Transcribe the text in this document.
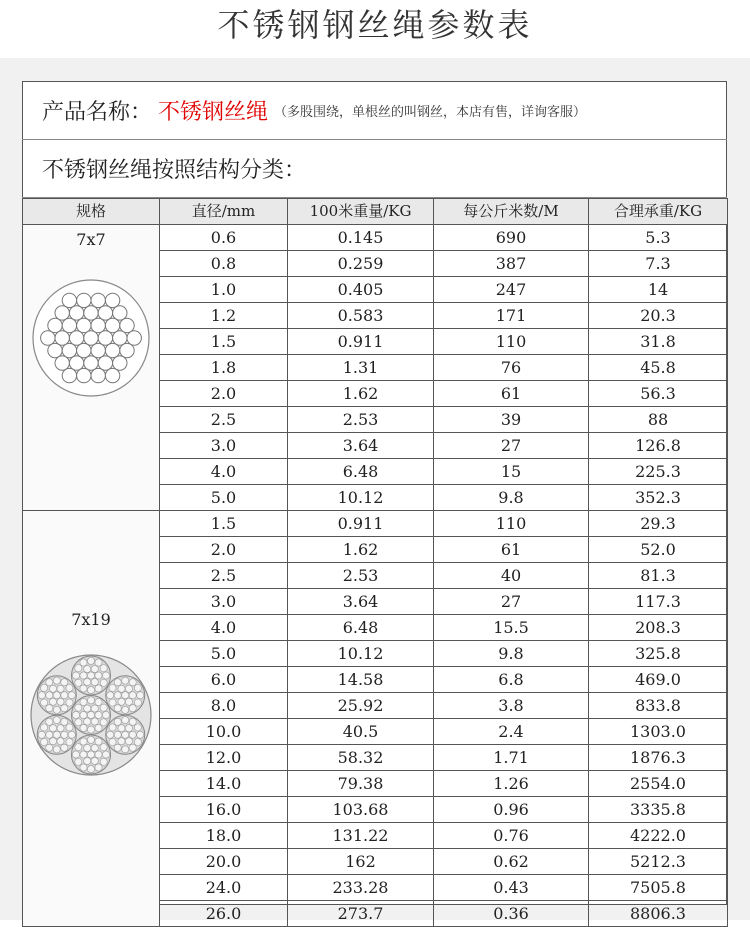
不锈钢钢丝绳参数表
产品名称： 不锈钢丝绳 （多股围绕，单根丝的叫钢丝，本店有售，详询客服）
不锈钢丝绳按照结构分类：
规格	直径/mm	100米重量/KG	每公斤米数/M	合理承重/KG

7x7	0.6	0.145	690	5.3
	0.8	0.259	387	7.3
	1.0	0.405	247	14
	1.2	0.583	171	20.3
	1.5	0.911	110	31.8
	1.8	1.31	76	45.8
	2.0	1.62	61	56.3
	2.5	2.53	39	88
	3.0	3.64	27	126.8
	4.0	6.48	15	225.3
	5.0	10.12	9.8	352.3

7x19	1.5	0.911	110	29.3
	2.0	1.62	61	52.0
	2.5	2.53	40	81.3
	3.0	3.64	27	117.3
	4.0	6.48	15.5	208.3
	5.0	10.12	9.8	325.8
	6.0	14.58	6.8	469.0
	8.0	25.92	3.8	833.8
	10.0	40.5	2.4	1303.0
	12.0	58.32	1.71	1876.3
	14.0	79.38	1.26	2554.0
	16.0	103.68	0.96	3335.8
	18.0	131.22	0.76	4222.0
	20.0	162	0.62	5212.3
	24.0	233.28	0.43	7505.8
	26.0	273.7	0.36	8806.3
